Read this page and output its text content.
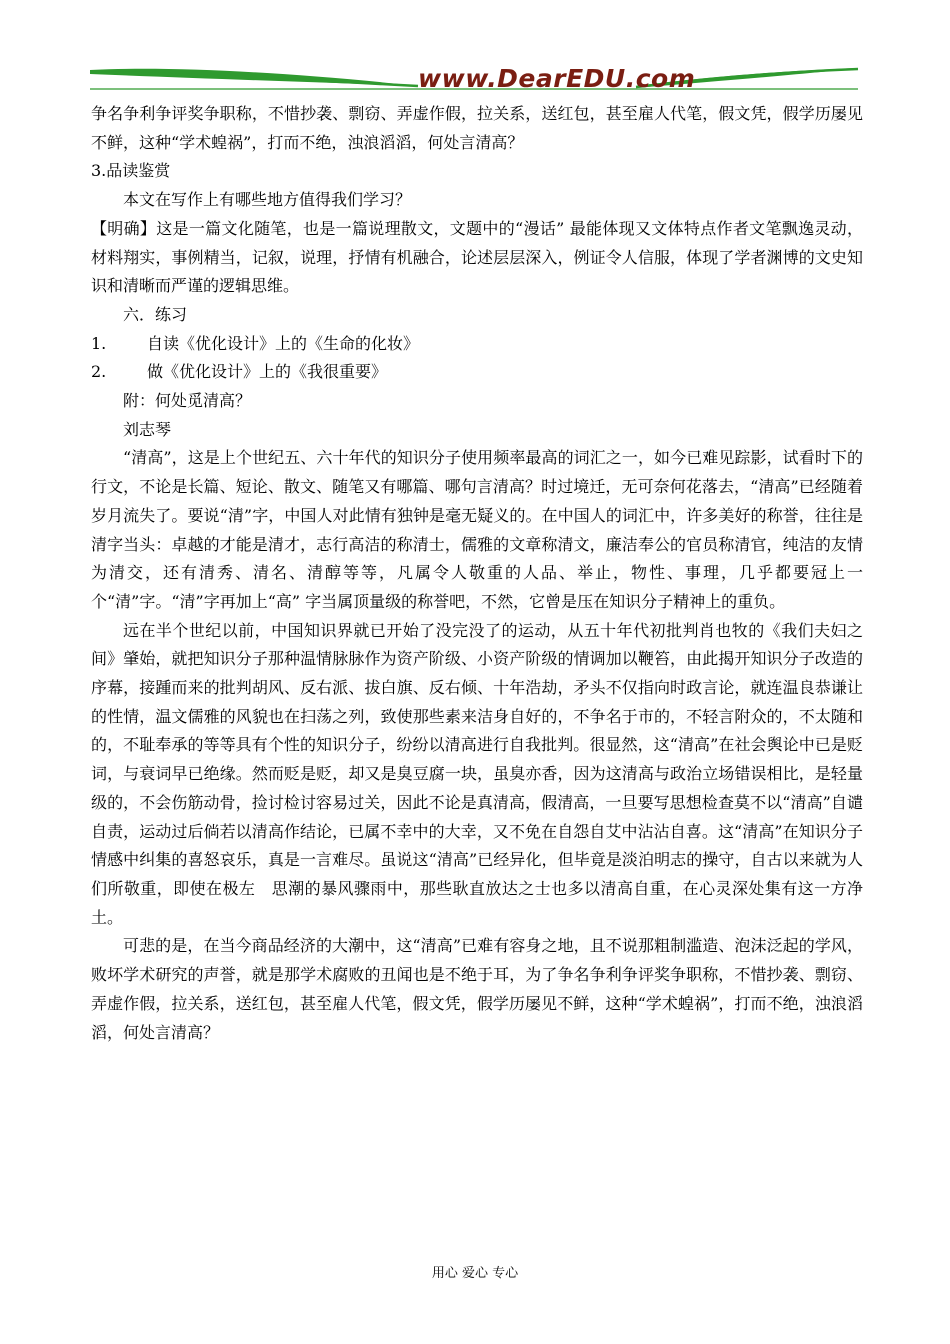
www.DearEDU.com

争名争利争评奖争职称，不惜抄袭、剽窃、弄虚作假，拉关系，送红包，甚至雇人代笔，假文凭，假学历屡见不鲜，这种“学术蝗祸”，打而不绝，浊浪滔滔，何处言清高？

3.品读鉴赏

本文在写作上有哪些地方值得我们学习？

【明确】这是一篇文化随笔，也是一篇说理散文，文题中的“漫话” 最能体现又文体特点作者文笔飘逸灵动，材料翔实，事例精当，记叙，说理，抒情有机融合，论述层层深入，例证令人信服，体现了学者渊博的文史知识和清晰而严谨的逻辑思维。

六．练习

1.	自读《优化设计》上的《生命的化妆》

2.	做《优化设计》上的《我很重要》

附：何处觅清高？

刘志琴

“清高”，这是上个世纪五、六十年代的知识分子使用频率最高的词汇之一，如今已难见踪影，试看时下的行文，不论是长篇、短论、散文、随笔又有哪篇、哪句言清高？时过境迁，无可奈何花落去，“清高”已经随着岁月流失了。要说“清”字，中国人对此情有独钟是毫无疑义的。在中国人的词汇中，许多美好的称誉，往往是清字当头：卓越的才能是清才，志行高洁的称清士，儒雅的文章称清文，廉洁奉公的官员称清官，纯洁的友情为清交，还有清秀、清名、清醇等等，凡属令人敬重的人品、举止，物性、事理，几乎都要冠上一个“清”字。“清”字再加上“高” 字当属顶量级的称誉吧，不然，它曾是压在知识分子精神上的重负。

远在半个世纪以前，中国知识界就已开始了没完没了的运动，从五十年代初批判肖也牧的《我们夫妇之间》肇始，就把知识分子那种温情脉脉作为资产阶级、小资产阶级的情调加以鞭笞，由此揭开知识分子改造的序幕，接踵而来的批判胡风、反右派、拔白旗、反右倾、十年浩劫，矛头不仅指向时政言论，就连温良恭谦让的性情，温文儒雅的风貌也在扫荡之列，致使那些素来洁身自好的，不争名于市的，不轻言附众的，不太随和的，不耻奉承的等等具有个性的知识分子，纷纷以清高进行自我批判。很显然，这“清高”在社会舆论中已是贬词，与衰词早已绝缘。然而贬是贬，却又是臭豆腐一块，虽臭亦香，因为这清高与政治立场错误相比，是轻量级的，不会伤筋动骨，捡讨检讨容易过关，因此不论是真清高，假清高，一旦要写思想检查莫不以“清高”自谴自责，运动过后倘若以清高作结论，已属不幸中的大幸，又不免在自怨自艾中沾沾自喜。这“清高”在知识分子情感中纠集的喜怒哀乐，真是一言难尽。虽说这“清高”已经异化，但毕竟是淡泊明志的操守，自古以来就为人们所敬重，即使在极左　思潮的暴风骤雨中，那些耿直放达之士也多以清高自重，在心灵深处集有这一方净土。

可悲的是，在当今商品经济的大潮中，这“清高”已难有容身之地，且不说那粗制滥造、泡沫泛起的学风，败坏学术研究的声誉，就是那学术腐败的丑闻也是不绝于耳，为了争名争利争评奖争职称，不惜抄袭、剽窃、弄虚作假，拉关系，送红包，甚至雇人代笔，假文凭，假学历屡见不鲜，这种“学术蝗祸”，打而不绝，浊浪滔滔，何处言清高？

用心 爱心 专心
